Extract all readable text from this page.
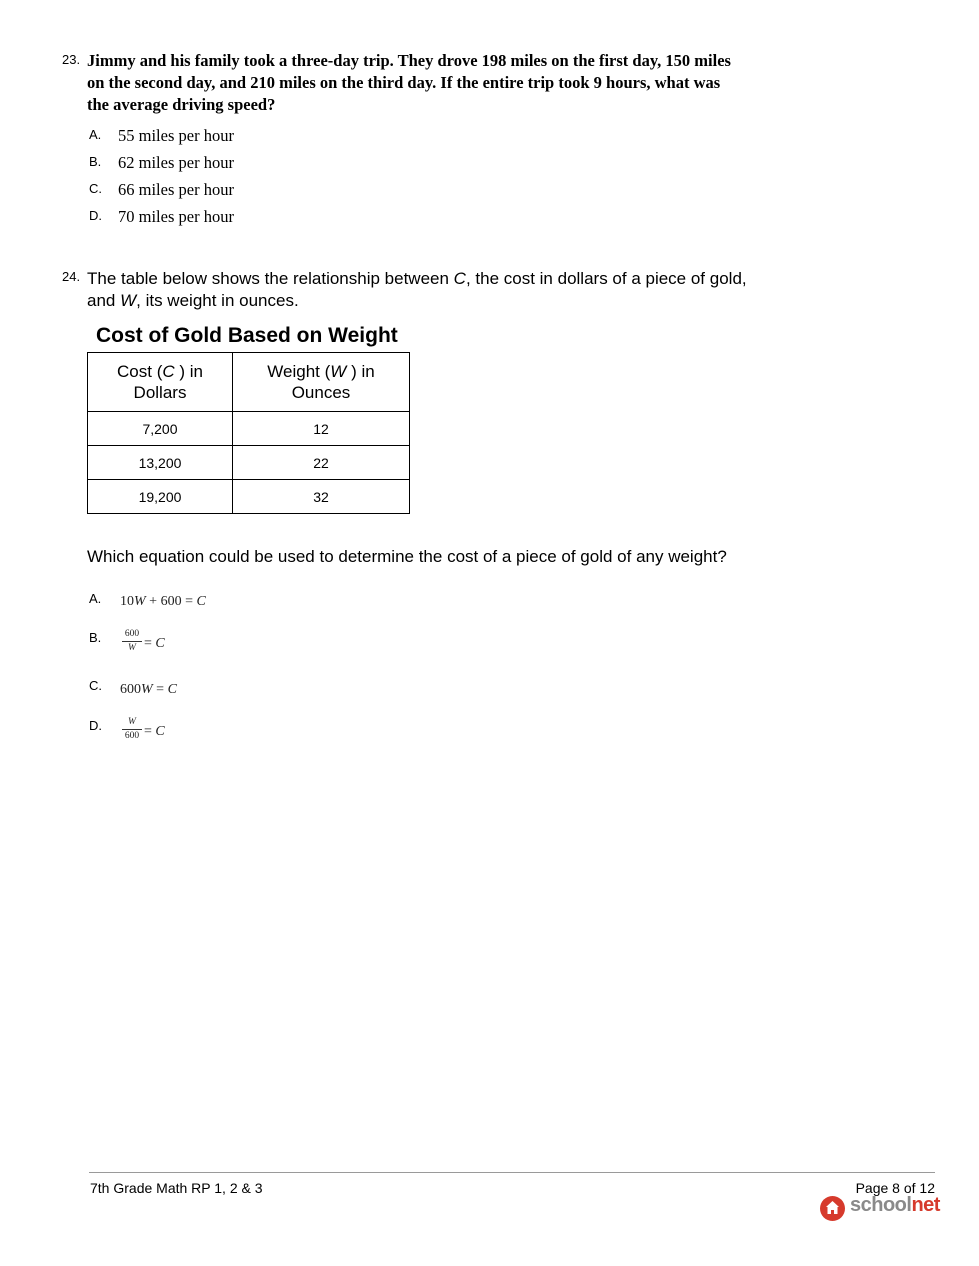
23. Jimmy and his family took a three-day trip. They drove 198 miles on the first day, 150 miles
on the second day, and 210 miles on the third day. If the entire trip took 9 hours, what was
the average driving speed?
A. 55 miles per hour
B. 62 miles per hour
C. 66 miles per hour
D. 70 miles per hour
24. The table below shows the relationship between C, the cost in dollars of a piece of gold,
and W, its weight in ounces.
Cost of Gold Based on Weight
Cost (C ) in
Dollars	Weight (W ) in
Ounces
7,200	12
13,200	22
19,200	32
Which equation could be used to determine the cost of a piece of gold of any weight?
A. 10W + 600 = C
B.	600
W = C
C. 600W = C
D.	W
600 = C
7th Grade Math RP 1, 2 & 3	Page 8 of 12
schoolnet
